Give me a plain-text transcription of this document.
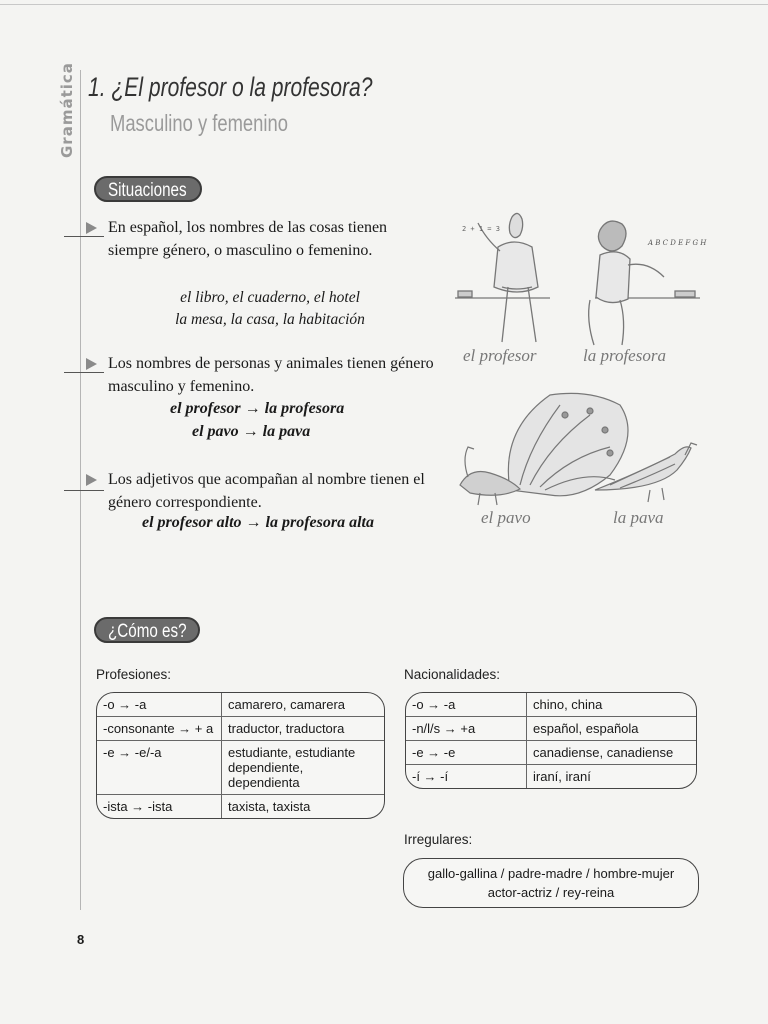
Gramática 1. ¿El profesor o la profesora?
Masculino y femenino
Situaciones
En español, los nombres de las cosas tienen siempre género, o masculino o femenino.
el libro, el cuaderno, el hotel
la mesa, la casa, la habitación
Los nombres de personas y animales tienen género masculino y femenino.
el profesor → la profesora
el pavo → la pava
Los adjetivos que acompañan al nombre tienen el género correspondiente.
el profesor alto → la profesora alta
2 + 1 = 3
A B C D E F G H
el profesor	la profesora
el pavo	la pava
¿Cómo es?
Profesiones:
-o → -a	camarero, camarera
-consonante → + a	traductor, traductora
-e → -e/-a	estudiante, estudiante
dependiente, dependienta

-ista → -ista	taxista, taxista
Nacionalidades:
-o → -a	chino, china
-n/l/s → +a	español, española
-e → -e	canadiense, canadiense
-í → -í	iraní, iraní
Irregulares:
gallo-gallina / padre-madre / hombre-mujer
actor-actriz / rey-reina
8
